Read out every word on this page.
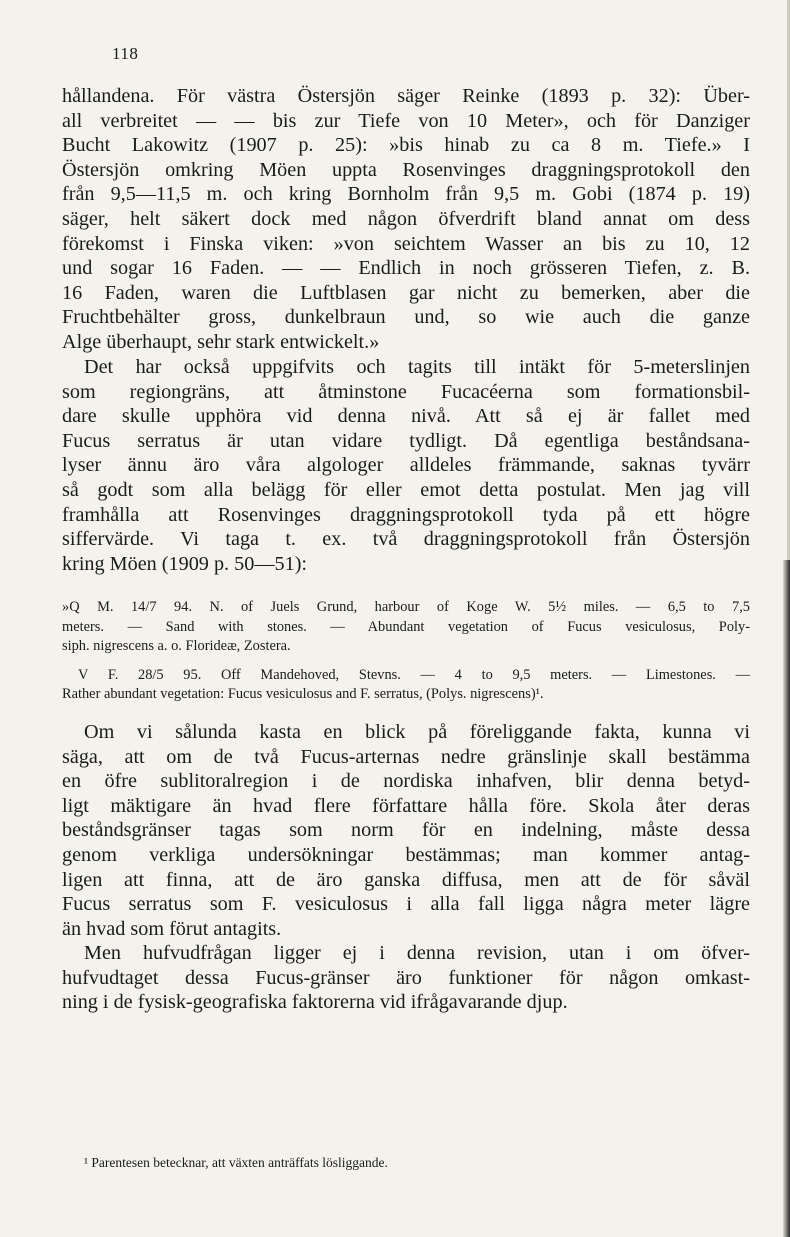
118
hållandena. För västra Östersjön säger Reinke (1893 p. 32): Über-
all verbreitet — — bis zur Tiefe von 10 Meter», och för Danziger
Bucht Lakowitz (1907 p. 25): »bis hinab zu ca 8 m. Tiefe.» I
Östersjön omkring Möen uppta Rosenvinges draggningsprotokoll den
från 9,5—11,5 m. och kring Bornholm från 9,5 m. Gobi (1874 p. 19)
säger, helt säkert dock med någon öfverdrift bland annat om dess
förekomst i Finska viken: »von seichtem Wasser an bis zu 10, 12
und sogar 16 Faden. — — Endlich in noch grösseren Tiefen, z. B.
16 Faden, waren die Luftblasen gar nicht zu bemerken, aber die
Fruchtbehälter gross, dunkelbraun und, so wie auch die ganze
Alge überhaupt, sehr stark entwickelt.»
Det har också uppgifvits och tagits till intäkt för 5-meterslinjen
som regiongräns, att åtminstone Fucacéerna som formationsbil-
dare skulle upphöra vid denna nivå. Att så ej är fallet med
Fucus serratus är utan vidare tydligt. Då egentliga beståndsana-
lyser ännu äro våra algologer alldeles främmande, saknas tyvärr
så godt som alla belägg för eller emot detta postulat. Men jag vill
framhålla att Rosenvinges draggningsprotokoll tyda på ett högre
siffervärde. Vi taga t. ex. två draggningsprotokoll från Östersjön
kring Möen (1909 p. 50—51):
»Q M. 14/7 94. N. of Juels Grund, harbour of Koge W. 5½ miles. — 6,5 to 7,5
meters. — Sand with stones. — Abundant vegetation of Fucus vesiculosus, Poly-
siph. nigrescens a. o. Florideæ, Zostera.
V F. 28/5 95. Off Mandehoved, Stevns. — 4 to 9,5 meters. — Limestones. —
Rather abundant vegetation: Fucus vesiculosus and F. serratus, (Polys. nigrescens)¹.
Om vi sålunda kasta en blick på föreliggande fakta, kunna vi
säga, att om de två Fucus-arternas nedre gränslinje skall bestämma
en öfre sublitoralregion i de nordiska inhafven, blir denna betyd-
ligt mäktigare än hvad flere författare hålla före. Skola åter deras
beståndsgränser tagas som norm för en indelning, måste dessa
genom verkliga undersökningar bestämmas; man kommer antag-
ligen att finna, att de äro ganska diffusa, men att de för såväl
Fucus serratus som F. vesiculosus i alla fall ligga några meter lägre
än hvad som förut antagits.
Men hufvudfrågan ligger ej i denna revision, utan i om öfver-
hufvudtaget dessa Fucus-gränser äro funktioner för någon omkast-
ning i de fysisk-geografiska faktorerna vid ifrågavarande djup.
¹ Parentesen betecknar, att växten anträffats lösliggande.
